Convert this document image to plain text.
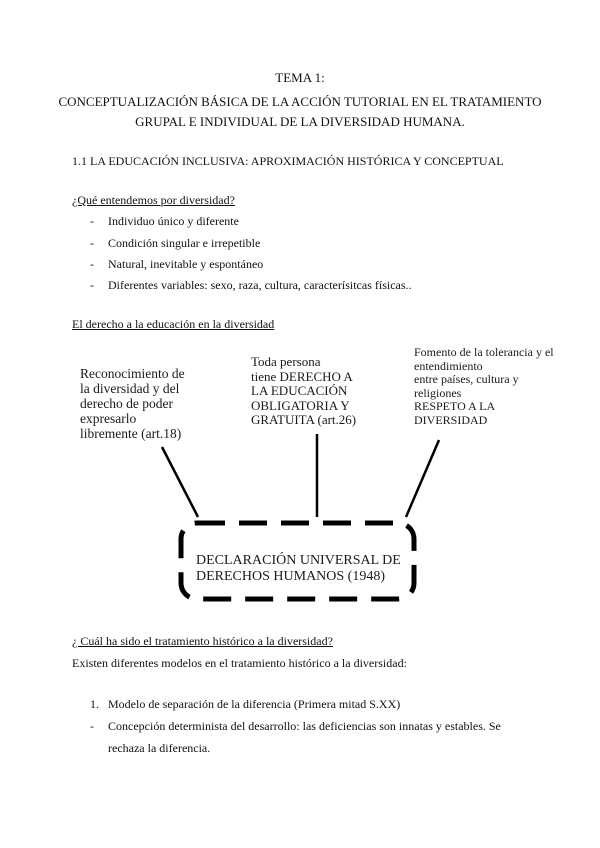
TEMA 1:
CONCEPTUALIZACIÓN BÁSICA DE LA ACCIÓN TUTORIAL EN EL TRATAMIENTO
GRUPAL E INDIVIDUAL DE LA DIVERSIDAD HUMANA.
1.1 LA EDUCACIÓN INCLUSIVA: APROXIMACIÓN HISTÓRICA Y CONCEPTUAL
¿Qué entendemos por diversidad?
- Individuo único y diferente
- Condición singular e irrepetible
- Natural, inevitable y espontáneo
- Diferentes variables: sexo, raza, cultura, caracterísitcas físicas..
El derecho a la educación en la diversidad
Reconocimiento de
la diversidad y del
derecho de poder
expresarlo
libremente (art.18)
Toda persona
tiene DERECHO A
LA EDUCACIÓN
OBLIGATORIA Y
GRATUITA (art.26)
Fomento de la tolerancia y el
entendimiento
entre países, cultura y
religiones
RESPETO A LA
DIVERSIDAD
DECLARACIÓN UNIVERSAL DE
DERECHOS HUMANOS (1948)
¿ Cuál ha sido el tratamiento histórico a la diversidad?
Existen diferentes modelos en el tratamiento histórico a la diversidad:
1. Modelo de separación de la diferencia (Primera mitad S.XX)
- Concepción determinista del desarrollo: las deficiencias son innatas y estables. Se
rechaza la diferencia.
